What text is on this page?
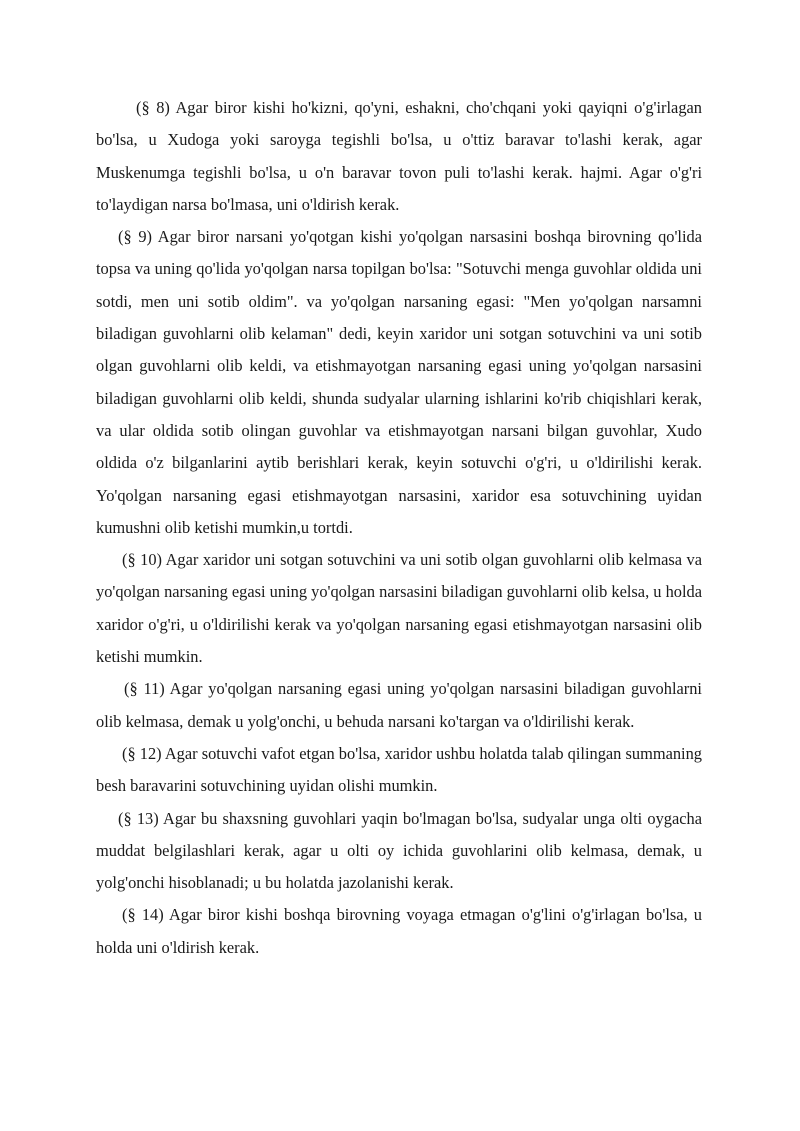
(§ 8) Agar biror kishi ho'kizni, qo'yni, eshakni, cho'chqani yoki qayiqni o'g'irlagan bo'lsa, u Xudoga yoki saroyga tegishli bo'lsa, u o'ttiz baravar to'lashi kerak, agar Muskenumga tegishli bo'lsa, u o'n baravar tovon puli to'lashi kerak. hajmi. Agar o'g'ri to'laydigan narsa bo'lmasa, uni o'ldirish kerak.

(§ 9) Agar biror narsani yo'qotgan kishi yo'qolgan narsasini boshqa birovning qo'lida topsa va uning qo'lida yo'qolgan narsa topilgan bo'lsa: "Sotuvchi menga guvohlar oldida uni sotdi, men uni sotib oldim". va yo'qolgan narsaning egasi: "Men yo'qolgan narsamni biladigan guvohlarni olib kelaman" dedi, keyin xaridor uni sotgan sotuvchini va uni sotib olgan guvohlarni olib keldi, va etishmayotgan narsaning egasi uning yo'qolgan narsasini biladigan guvohlarni olib keldi, shunda sudyalar ularning ishlarini ko'rib chiqishlari kerak, va ular oldida sotib olingan guvohlar va etishmayotgan narsani bilgan guvohlar, Xudo oldida o'z bilganlarini aytib berishlari kerak, keyin sotuvchi o'g'ri, u o'ldirilishi kerak. Yo'qolgan narsaning egasi etishmayotgan narsasini, xaridor esa sotuvchining uyidan kumushni olib ketishi mumkin,u tortdi.

(§ 10) Agar xaridor uni sotgan sotuvchini va uni sotib olgan guvohlarni olib kelmasa va yo'qolgan narsaning egasi uning yo'qolgan narsasini biladigan guvohlarni olib kelsa, u holda xaridor o'g'ri, u o'ldirilishi kerak va yo'qolgan narsaning egasi etishmayotgan narsasini olib ketishi mumkin.

(§ 11) Agar yo'qolgan narsaning egasi uning yo'qolgan narsasini biladigan guvohlarni olib kelmasa, demak u yolg'onchi, u behuda narsani ko'targan va o'ldirilishi kerak.

(§ 12) Agar sotuvchi vafot etgan bo'lsa, xaridor ushbu holatda talab qilingan summaning besh baravarini sotuvchining uyidan olishi mumkin.

(§ 13) Agar bu shaxsning guvohlari yaqin bo'lmagan bo'lsa, sudyalar unga olti oygacha muddat belgilashlari kerak, agar u olti oy ichida guvohlarini olib kelmasa, demak, u yolg'onchi hisoblanadi; u bu holatda jazolanishi kerak.

(§ 14) Agar biror kishi boshqa birovning voyaga etmagan o'g'lini o'g'irlagan bo'lsa, u holda uni o'ldirish kerak.
